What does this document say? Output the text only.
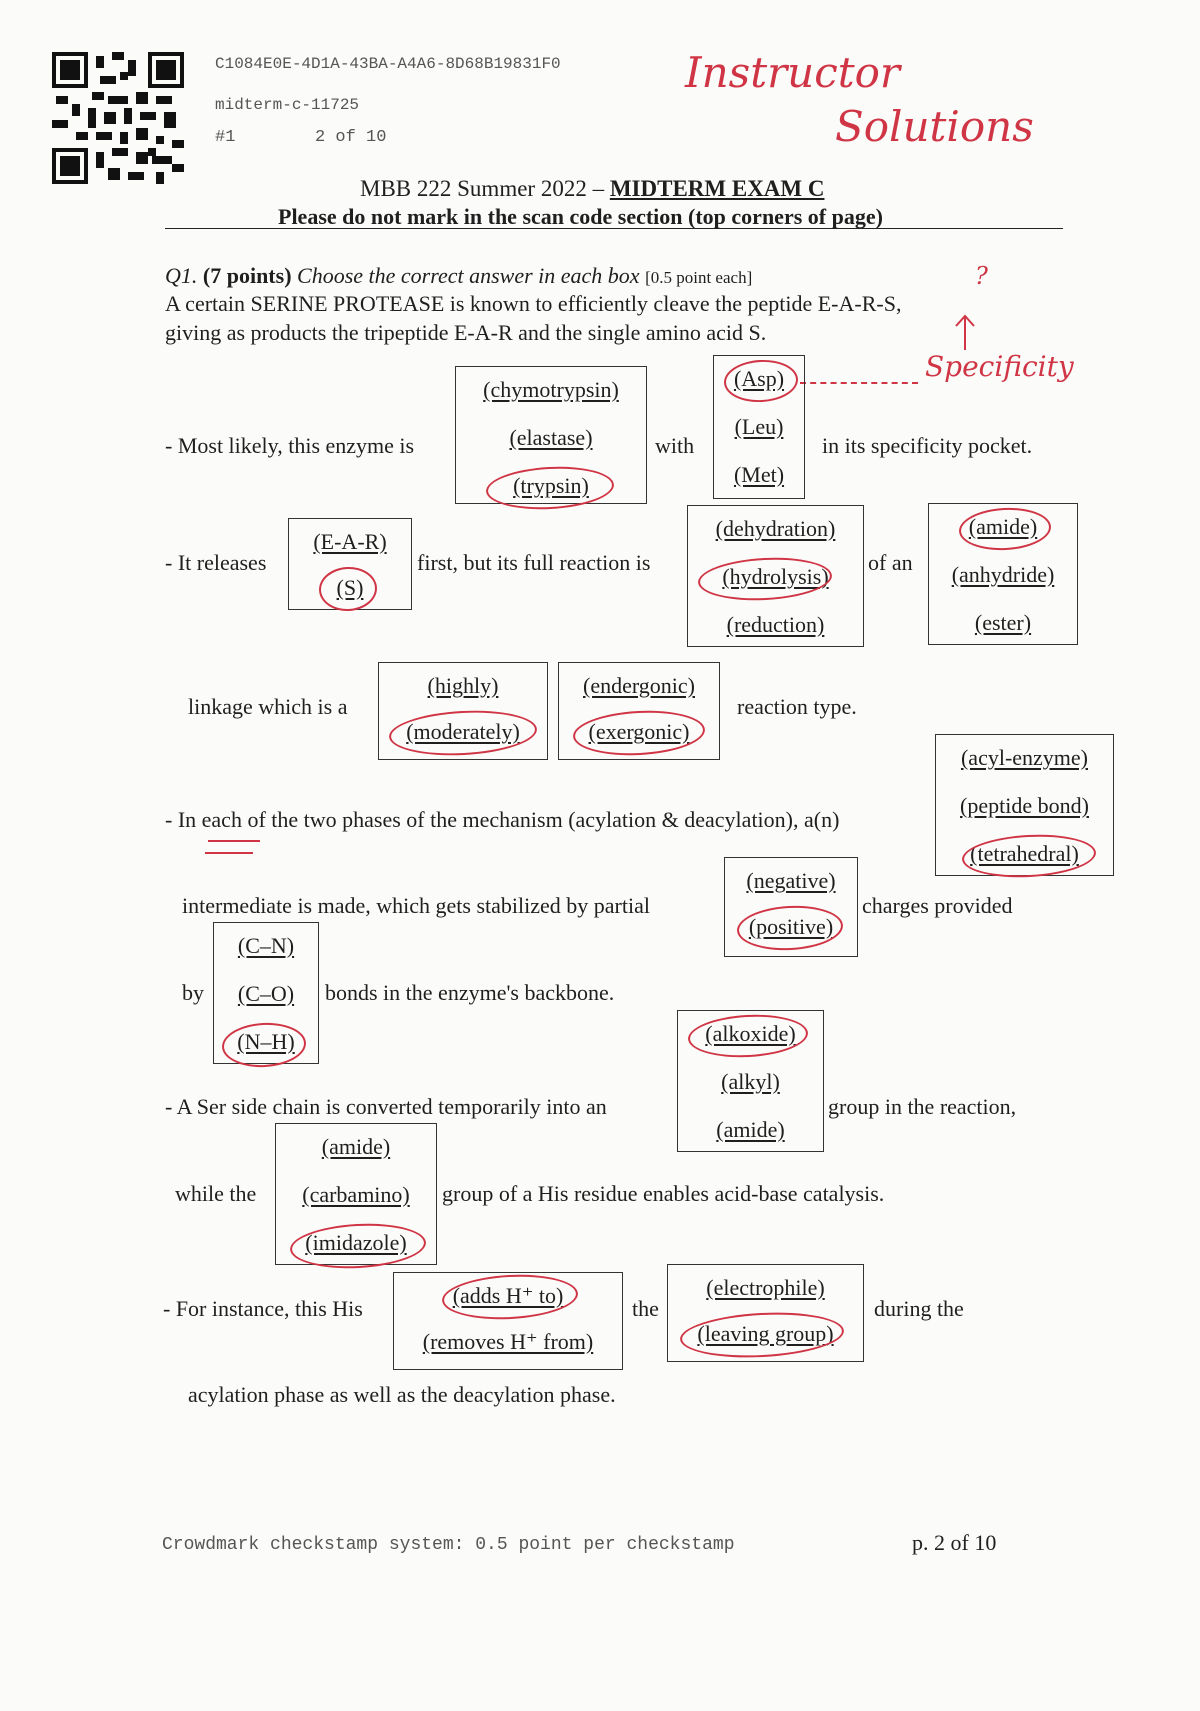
C1084E0E-4D1A-43BA-A4A6-8D68B19831F0
midterm-c-11725
#1	2 of 10
Instructor
Solutions
MBB 222 Summer 2022 – MIDTERM EXAM C
Please do not mark in the scan code section (top corners of page)
Q1. (7 points) Choose the correct answer in each box [0.5 point each]
A certain SERINE PROTEASE is known to efficiently cleave the peptide E-A-R-S,
giving as products the tripeptide E-A-R and the single amino acid S.
?
Specificity
- Most likely, this enzyme is
(chymotrypsin)
(elastase)
(trypsin)
with
(Asp)
(Leu)
(Met)
in its specificity pocket.
- It releases
(E-A-R)
(S)
first, but its full reaction is
(dehydration)
(hydrolysis)
(reduction)
of an
(amide)
(anhydride)
(ester)
linkage which is a
(highly)
(moderately)
(endergonic)
(exergonic)
reaction type.
(acyl-enzyme)
(peptide bond)
(tetrahedral)
- In each of the two phases of the mechanism (acylation & deacylation), a(n)
intermediate is made, which gets stabilized by partial
(negative)
(positive)
charges provided
by
(C–N)
(C–O)
(N–H)
bonds in the enzyme's backbone.
- A Ser side chain is converted temporarily into an
(alkoxide)
(alkyl)
(amide)
group in the reaction,
while the
(amide)
(carbamino)
(imidazole)
group of a His residue enables acid-base catalysis.
- For instance, this His
(adds H⁺ to)
(removes H⁺ from)
the
(electrophile)
(leaving group)
during the
acylation phase as well as the deacylation phase.
Crowdmark checkstamp system: 0.5 point per checkstamp	p. 2 of 10
